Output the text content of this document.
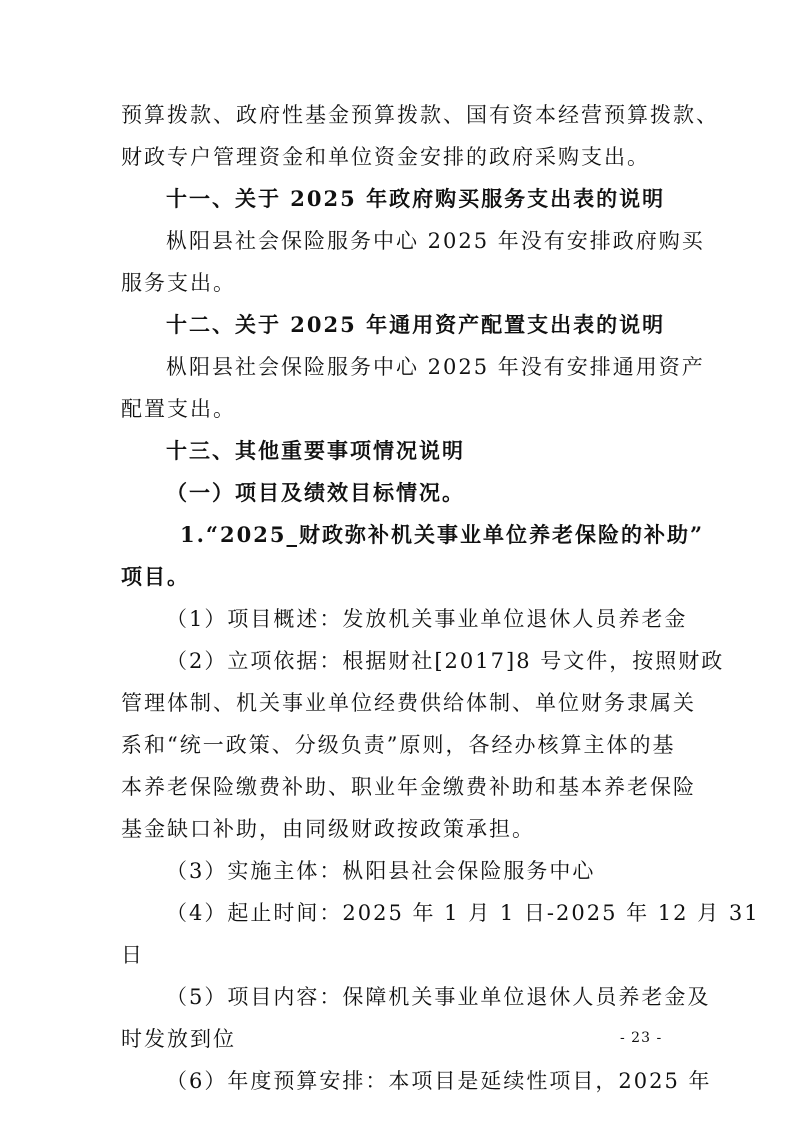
预算拨款、政府性基金预算拨款、国有资本经营预算拨款、
财政专户管理资金和单位资金安排的政府采购支出。
十一、关于 2025 年政府购买服务支出表的说明
枞阳县社会保险服务中心 2025 年没有安排政府购买
服务支出。
十二、关于 2025 年通用资产配置支出表的说明
枞阳县社会保险服务中心 2025 年没有安排通用资产
配置支出。
十三、其他重要事项情况说明
（一）项目及绩效目标情况。
1.“2025_财政弥补机关事业单位养老保险的补助”
项目。
（1）项目概述：发放机关事业单位退休人员养老金
（2）立项依据：根据财社[2017]8 号文件，按照财政
管理体制、机关事业单位经费供给体制、单位财务隶属关
系和“统一政策、分级负责”原则，各经办核算主体的基
本养老保险缴费补助、职业年金缴费补助和基本养老保险
基金缺口补助，由同级财政按政策承担。
（3）实施主体：枞阳县社会保险服务中心
（4）起止时间：2025 年 1 月 1 日-2025 年 12 月 31
日
（5）项目内容：保障机关事业单位退休人员养老金及
时发放到位	- 23 -
（6）年度预算安排：本项目是延续性项目，2025 年
